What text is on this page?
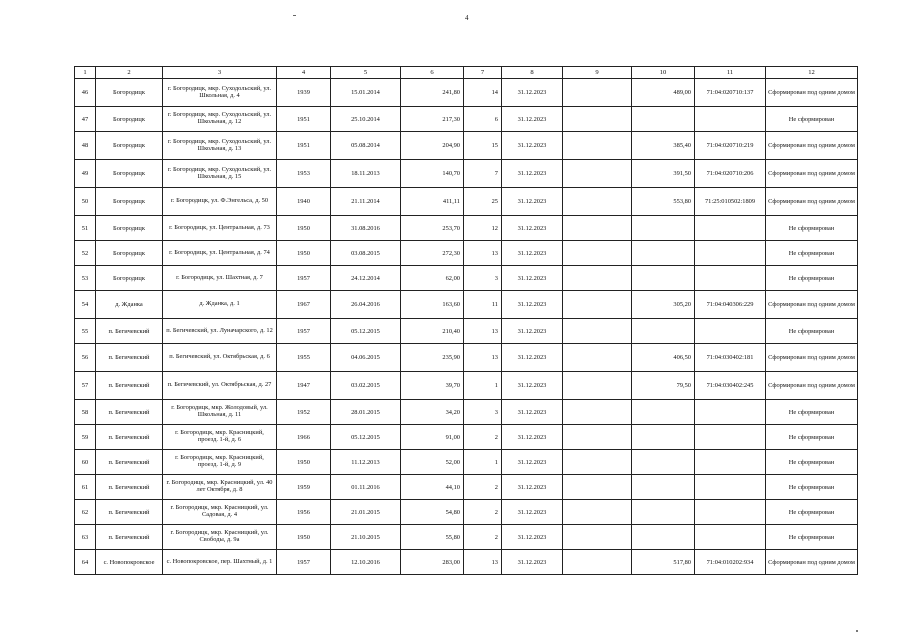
4
1	2	3	4	5	6	7	8	9	10	11	12
46	Богородицк	г. Богородицк, мкр. Суходольский, ул. Школьная, д. 4	1939	15.01.2014	241,80	14	31.12.2023		489,00	71:04:020710:137	Сформирован под одним домом
47	Богородицк	г. Богородицк, мкр. Суходольский, ул. Школьная, д. 12	1951	25.10.2014	217,30	6	31.12.2023				Не сформирован
48	Богородицк	г. Богородицк, мкр. Суходольский, ул. Школьная, д. 13	1951	05.08.2014	204,90	15	31.12.2023		385,40	71:04:020710:219	Сформирован под одним домом
49	Богородицк	г. Богородицк, мкр. Суходольский, ул. Школьная, д. 15	1953	18.11.2013	140,70	7	31.12.2023		391,50	71:04:020710:206	Сформирован под одним домом
50	Богородицк	г. Богородицк, ул. Ф.Энгельса, д. 50	1940	21.11.2014	411,11	25	31.12.2023		553,80	71:25:010502:1809	Сформирован под одним домом
51	Богородицк	г. Богородицк, ул. Центральная, д. 73	1950	31.08.2016	253,70	12	31.12.2023				Не сформирован
52	Богородицк	г. Богородицк, ул. Центральная, д. 74	1950	03.08.2015	272,30	13	31.12.2023				Не сформирован
53	Богородицк	г. Богородицк, ул. Шахтная, д. 7	1957	24.12.2014	62,00	3	31.12.2023				Не сформирован
54	д. Жданка	д. Жданка, д. 1	1967	26.04.2016	163,60	11	31.12.2023		305,20	71:04:040306:229	Сформирован под одним домом
55	п. Бегичевский	п. Бегичевский, ул. Луначарского, д. 12	1957	05.12.2015	210,40	13	31.12.2023				Не сформирован
56	п. Бегичевский	п. Бегичевский, ул. Октябрьская, д. 6	1955	04.06.2015	235,90	13	31.12.2023		406,50	71:04:030402:181	Сформирован под одним домом
57	п. Бегичевский	п. Бегичевский, ул. Октябрьская, д. 27	1947	03.02.2015	39,70	1	31.12.2023		79,50	71:04:030402:245	Сформирован под одним домом
58	п. Бегичевский	г. Богородицк, мкр. Жолодовый, ул. Школьная, д. 11	1952	28.01.2015	34,20	3	31.12.2023				Не сформирован
59	п. Бегичевский	г. Богородицк, мкр. Красницкий, проезд. 1-й, д. 6	1966	05.12.2015	91,00	2	31.12.2023				Не сформирован
60	п. Бегичевский	г. Богородицк, мкр. Красницкий, проезд. 1-й, д. 9	1950	11.12.2013	52,00	1	31.12.2023				Не сформирован
61	п. Бегичевский	г. Богородицк, мкр. Красницкий, ул. 40 лет Октября, д. 8	1959	01.11.2016	44,10	2	31.12.2023				Не сформирован
62	п. Бегичевский	г. Богородицк, мкр. Красницкий, ул. Садовая, д. 4	1956	21.01.2015	54,80	2	31.12.2023				Не сформирован
63	п. Бегичевский	г. Богородицк, мкр. Красницкий, ул. Свободы, д. 9а	1950	21.10.2015	55,80	2	31.12.2023				Не сформирован
64	с. Новопокровское	с. Новопокровское, пер. Шахтный, д. 1	1957	12.10.2016	283,00	13	31.12.2023		517,80	71:04:010202:934	Сформирован под одним домом
